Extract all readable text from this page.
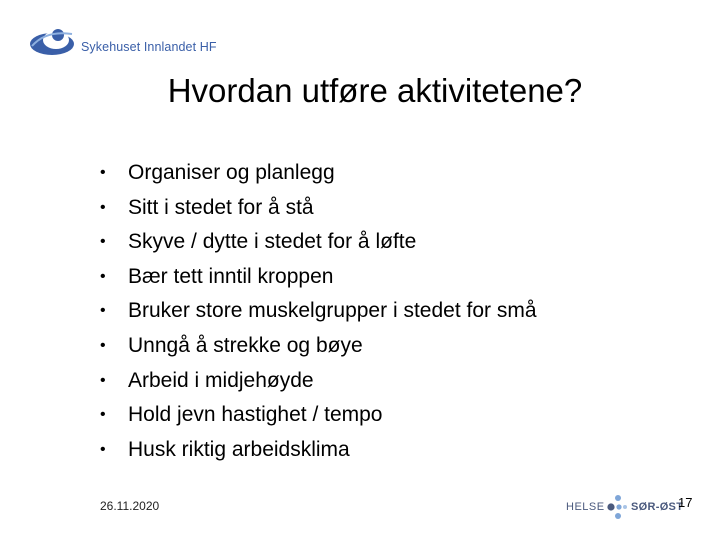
Sykehuset Innlandet HF
Hvordan utføre aktivitetene?
•	Organiser og planlegg
•	Sitt i stedet for å stå
•	Skyve / dytte i stedet for å løfte
•	Bær tett inntil kroppen
•	Bruker store muskelgrupper i stedet for små
•	Unngå å strekke og bøye
•	Arbeid i midjehøyde
•	Hold jevn hastighet / tempo
•	Husk riktig arbeidsklima
26.11.2020	HELSE SØR-ØST
17
